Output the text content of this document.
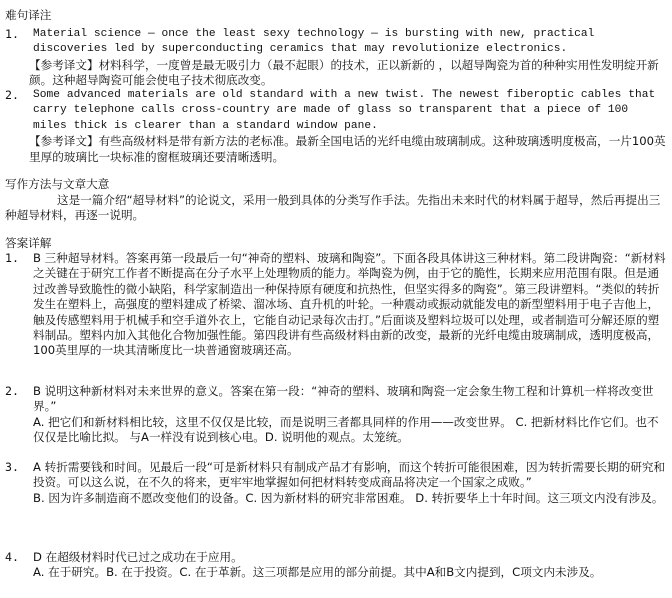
难句译注
1. Material science — once the least sexy technology — is bursting with new, practical discoveries led by superconducting ceramics that may revolutionize electronics.
【参考译文】材料科学，一度曾是最无吸引力（最不起眼）的技术，正以新新的 ，以超导陶瓷为首的种种实用性发明绽开新颜。这种超导陶瓷可能会使电子技术彻底改变。
2. Some advanced materials are old standard with a new twist. The newest fiberoptic cables that carry telephone calls cross-country are made of glass so transparent that a piece of 100 miles thick is clearer than a standard window pane.
【参考译文】有些高级材料是带有新方法的老标准。最新全国电话的光纤电缆由玻璃制成。这种玻璃透明度极高，一片100英里厚的玻璃比一块标准的窗框玻璃还要清晰透明。
写作方法与文章大意
这是一篇介绍“超导材料”的论说文，采用一般到具体的分类写作手法。先指出未来时代的材料属于超导，然后再提出三种超导材料，再逐一说明。
答案详解
1. B 三种超导材料。答案再第一段最后一句“神奇的塑料、玻璃和陶瓷”。下面各段具体讲这三种材料。第二段讲陶瓷：“新材料之关键在于研究工作者不断提高在分子水平上处理物质的能力。举陶瓷为例，由于它的脆性，长期来应用范围有限。但是通过改善导致脆性的微小缺陷，科学家制造出一种保持原有硬度和抗热性，但坚实得多的陶瓷”。第三段讲塑料。“类似的转折发生在塑料上，高强度的塑料建成了桥梁、溜冰场、直升机的叶轮。一种震动或振动就能发电的新型塑料用于电子吉他上，触及传感塑料用于机械手和空手道外衣上，它能自动记录每次击打。”后面谈及塑料垃圾可以处理，或者制造可分解还原的塑料制品。塑料内加入其他化合物加强性能。第四段讲有些高级材料由新的改变，最新的光纤电缆由玻璃制成，透明度极高，100英里厚的一块其清晰度比一块普通窗玻璃还高。
2. B 说明这种新材料对未来世界的意义。答案在第一段：“神奇的塑料、玻璃和陶瓷一定会象生物工程和计算机一样将改变世界。”
A. 把它们和新材料相比较，这里不仅仅是比较，而是说明三者都具同样的作用——改变世界。 C. 把新材料比作它们。也不仅仅是比喻比拟。 与A一样没有说到核心电。D. 说明他的观点。太笼统。
3. A 转折需要钱和时间。见最后一段“可是新材料只有制成产品才有影响，而这个转折可能很困难，因为转折需要长期的研究和投资。可以这么说，在不久的将来，更牢牢地掌握如何把材料转变成商品将决定一个国家之成败。”
B. 因为许多制造商不愿改变他们的设备。C. 因为新材料的研究非常困难。 D. 转折要华上十年时间。这三项文内没有涉及。
4. D 在超级材料时代已过之成功在于应用。
A. 在于研究。B. 在于投资。C. 在于革新。这三项都是应用的部分前提。其中A和B文内提到，C项文内未涉及。
